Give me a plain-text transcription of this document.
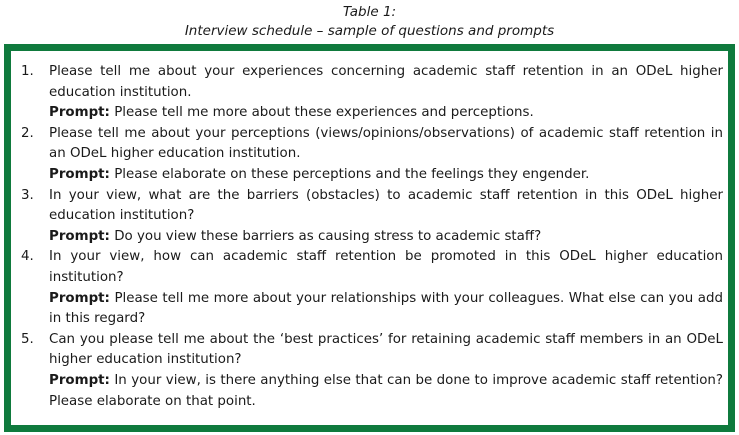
Table 1:
Interview schedule – sample of questions and prompts
1. Please tell me about your experiences concerning academic staff retention in an ODeL higher education institution.

Prompt: Please tell me more about these experiences and perceptions.

2. Please tell me about your perceptions (views/opinions/observations) of academic staff retention in an ODeL higher education institution.

Prompt: Please elaborate on these perceptions and the feelings they engender.

3. In your view, what are the barriers (obstacles) to academic staff retention in this ODeL higher education institution?

Prompt: Do you view these barriers as causing stress to academic staff?

4. In your view, how can academic staff retention be promoted in this ODeL higher education institution?

Prompt: Please tell me more about your relationships with your colleagues. What else can you add in this regard?

5. Can you please tell me about the ‘best practices’ for retaining academic staff members in an ODeL higher education institution?

Prompt: In your view, is there anything else that can be done to improve academic staff retention? Please elaborate on that point.
